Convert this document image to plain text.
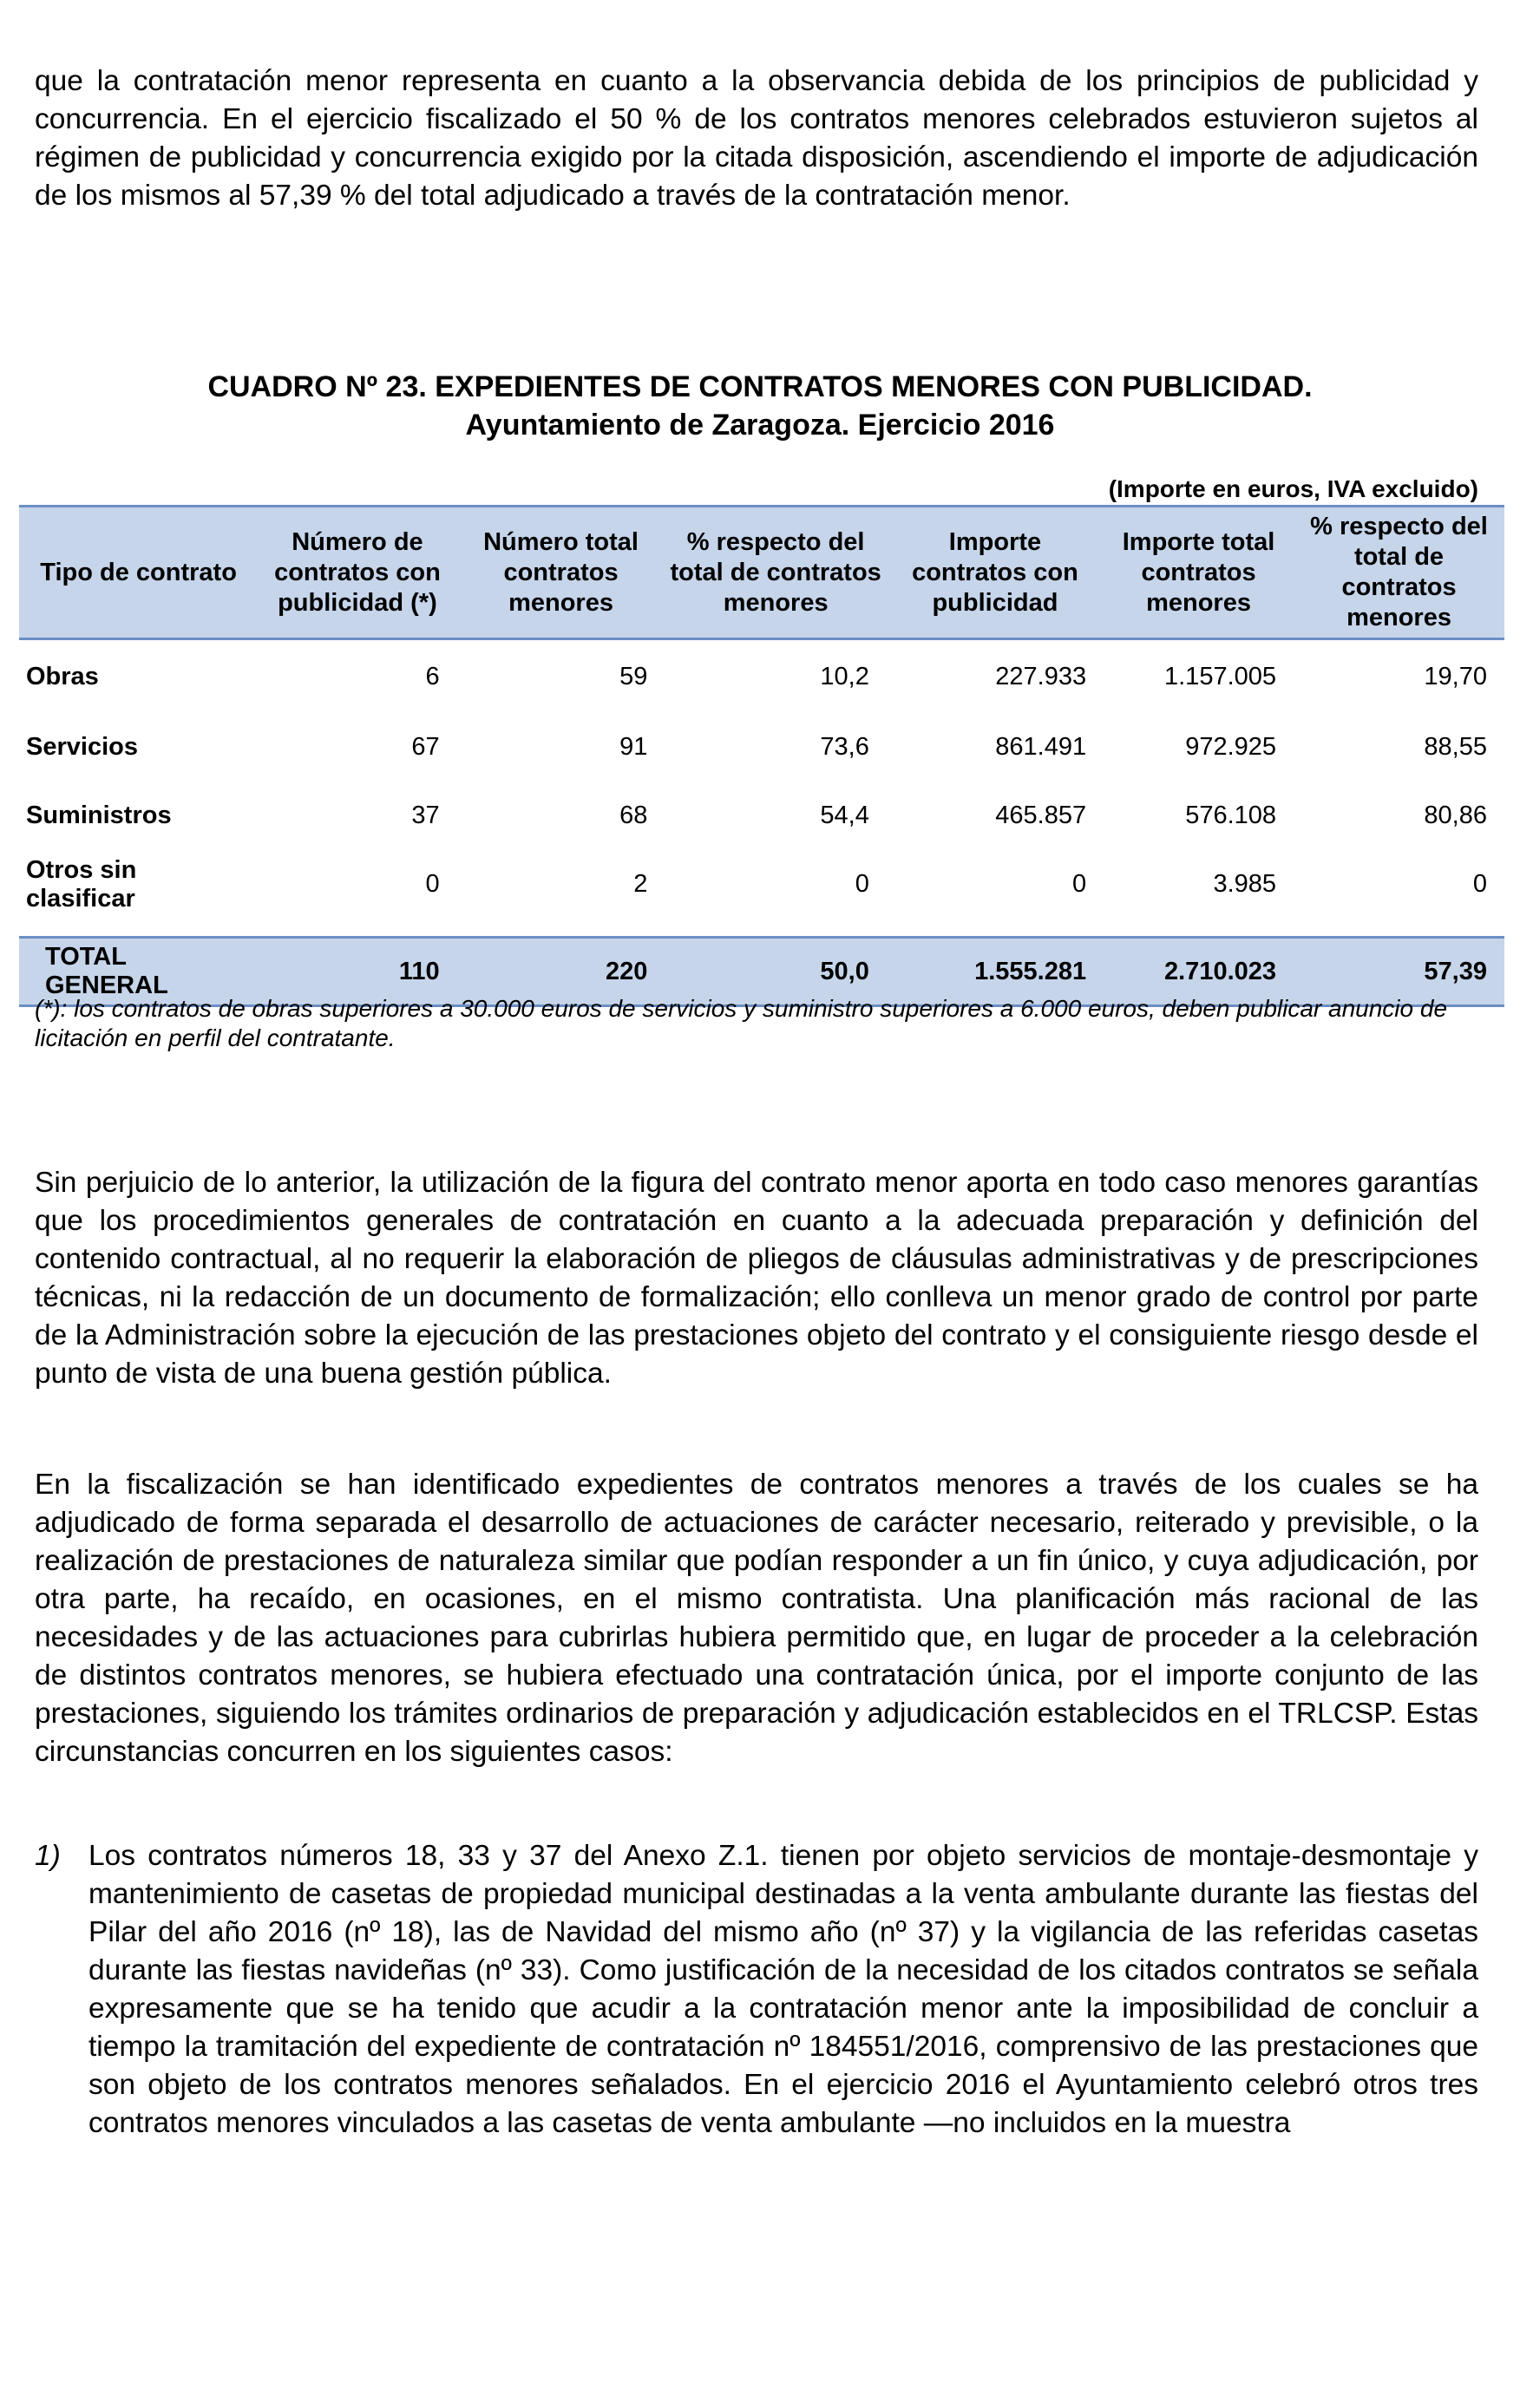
que la contratación menor representa en cuanto a la observancia debida de los principios de publicidad y concurrencia. En el ejercicio fiscalizado el 50 % de los contratos menores celebrados estuvieron sujetos al régimen de publicidad y concurrencia exigido por la citada disposición, ascendiendo el importe de adjudicación de los mismos al 57,39 % del total adjudicado a través de la contratación menor.

CUADRO Nº 23. EXPEDIENTES DE CONTRATOS MENORES CON PUBLICIDAD.

Ayuntamiento de Zaragoza. Ejercicio 2016

(Importe en euros, IVA excluido)
Tipo de contrato	Número de contratos con publicidad (*)	Número total contratos menores	% respecto del total de contratos menores	Importe contratos con publicidad	Importe total contratos menores	% respecto del total de contratos menores
Obras	6	59	10,2	227.933	1.157.005	19,70
Servicios	67	91	73,6	861.491	972.925	88,55
Suministros	37	68	54,4	465.857	576.108	80,86
Otros sin clasificar	0	2	0	0	3.985	0

TOTAL GENERAL	110	220	50,0	1.555.281	2.710.023	57,39

(*): los contratos de obras superiores a 30.000 euros de servicios y suministro superiores a 6.000 euros, deben publicar anuncio de licitación en perfil del contratante.

Sin perjuicio de lo anterior, la utilización de la figura del contrato menor aporta en todo caso menores garantías que los procedimientos generales de contratación en cuanto a la adecuada preparación y definición del contenido contractual, al no requerir la elaboración de pliegos de cláusulas administrativas y de prescripciones técnicas, ni la redacción de un documento de formalización; ello conlleva un menor grado de control por parte de la Administración sobre la ejecución de las prestaciones objeto del contrato y el consiguiente riesgo desde el punto de vista de una buena gestión pública.

En la fiscalización se han identificado expedientes de contratos menores a través de los cuales se ha adjudicado de forma separada el desarrollo de actuaciones de carácter necesario, reiterado y previsible, o la realización de prestaciones de naturaleza similar que podían responder a un fin único, y cuya adjudicación, por otra parte, ha recaído, en ocasiones, en el mismo contratista. Una planificación más racional de las necesidades y de las actuaciones para cubrirlas hubiera permitido que, en lugar de proceder a la celebración de distintos contratos menores, se hubiera efectuado una contratación única, por el importe conjunto de las prestaciones, siguiendo los trámites ordinarios de preparación y adjudicación establecidos en el TRLCSP. Estas circunstancias concurren en los siguientes casos:

1) Los contratos números 18, 33 y 37 del Anexo Z.1. tienen por objeto servicios de montaje-desmontaje y mantenimiento de casetas de propiedad municipal destinadas a la venta ambulante durante las fiestas del Pilar del año 2016 (nº 18), las de Navidad del mismo año (nº 37) y la vigilancia de las referidas casetas durante las fiestas navideñas (nº 33). Como justificación de la necesidad de los citados contratos se señala expresamente que se ha tenido que acudir a la contratación menor ante la imposibilidad de concluir a tiempo la tramitación del expediente de contratación nº 184551/2016, comprensivo de las prestaciones que son objeto de los contratos menores señalados. En el ejercicio 2016 el Ayuntamiento celebró otros tres contratos menores vinculados a las casetas de venta ambulante —no incluidos en la muestra
